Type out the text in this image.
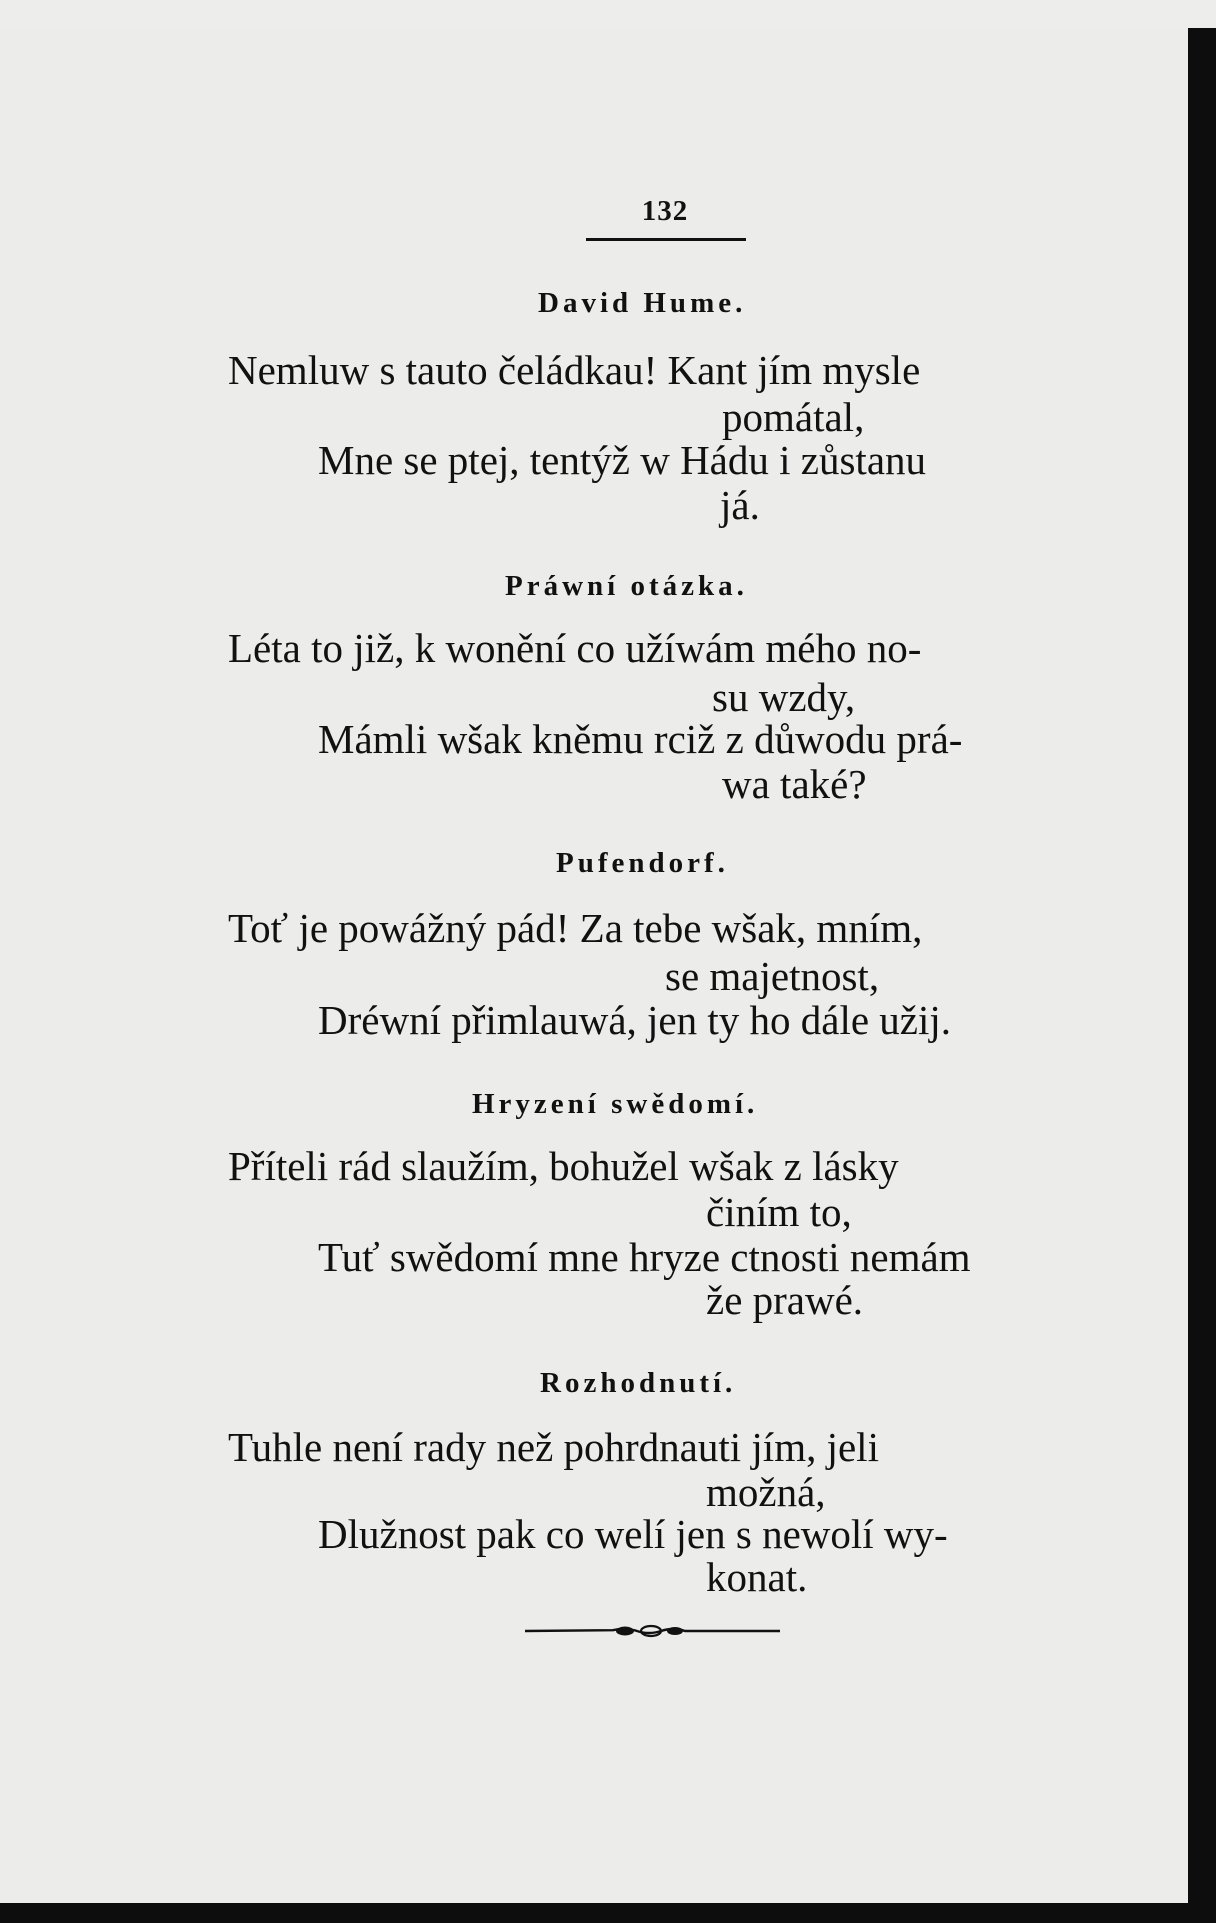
132
David Hume.
Nemluw s tauto čeládkau! Kant jím mysle
pomátal,
Mne se ptej, tentýž w Hádu i zůstanu
já.
Práwní otázka.
Léta to již, k wonění co užíwám mého no-
su wzdy,
Mámli wšak kněmu rciž z důwodu prá-
wa také?
Pufendorf.
Toť je powážný pád! Za tebe wšak, mním,
se majetnost,
Dréwní přimlauwá, jen ty ho dále užij.
Hryzení swědomí.
Příteli rád slaužím, bohužel wšak z lásky
činím to,
Tuť swědomí mne hryze ctnosti nemám
že prawé.
Rozhodnutí.
Tuhle není rady než pohrdnauti jím, jeli
možná,
Dlužnost pak co welí jen s newolí wy-
konat.
